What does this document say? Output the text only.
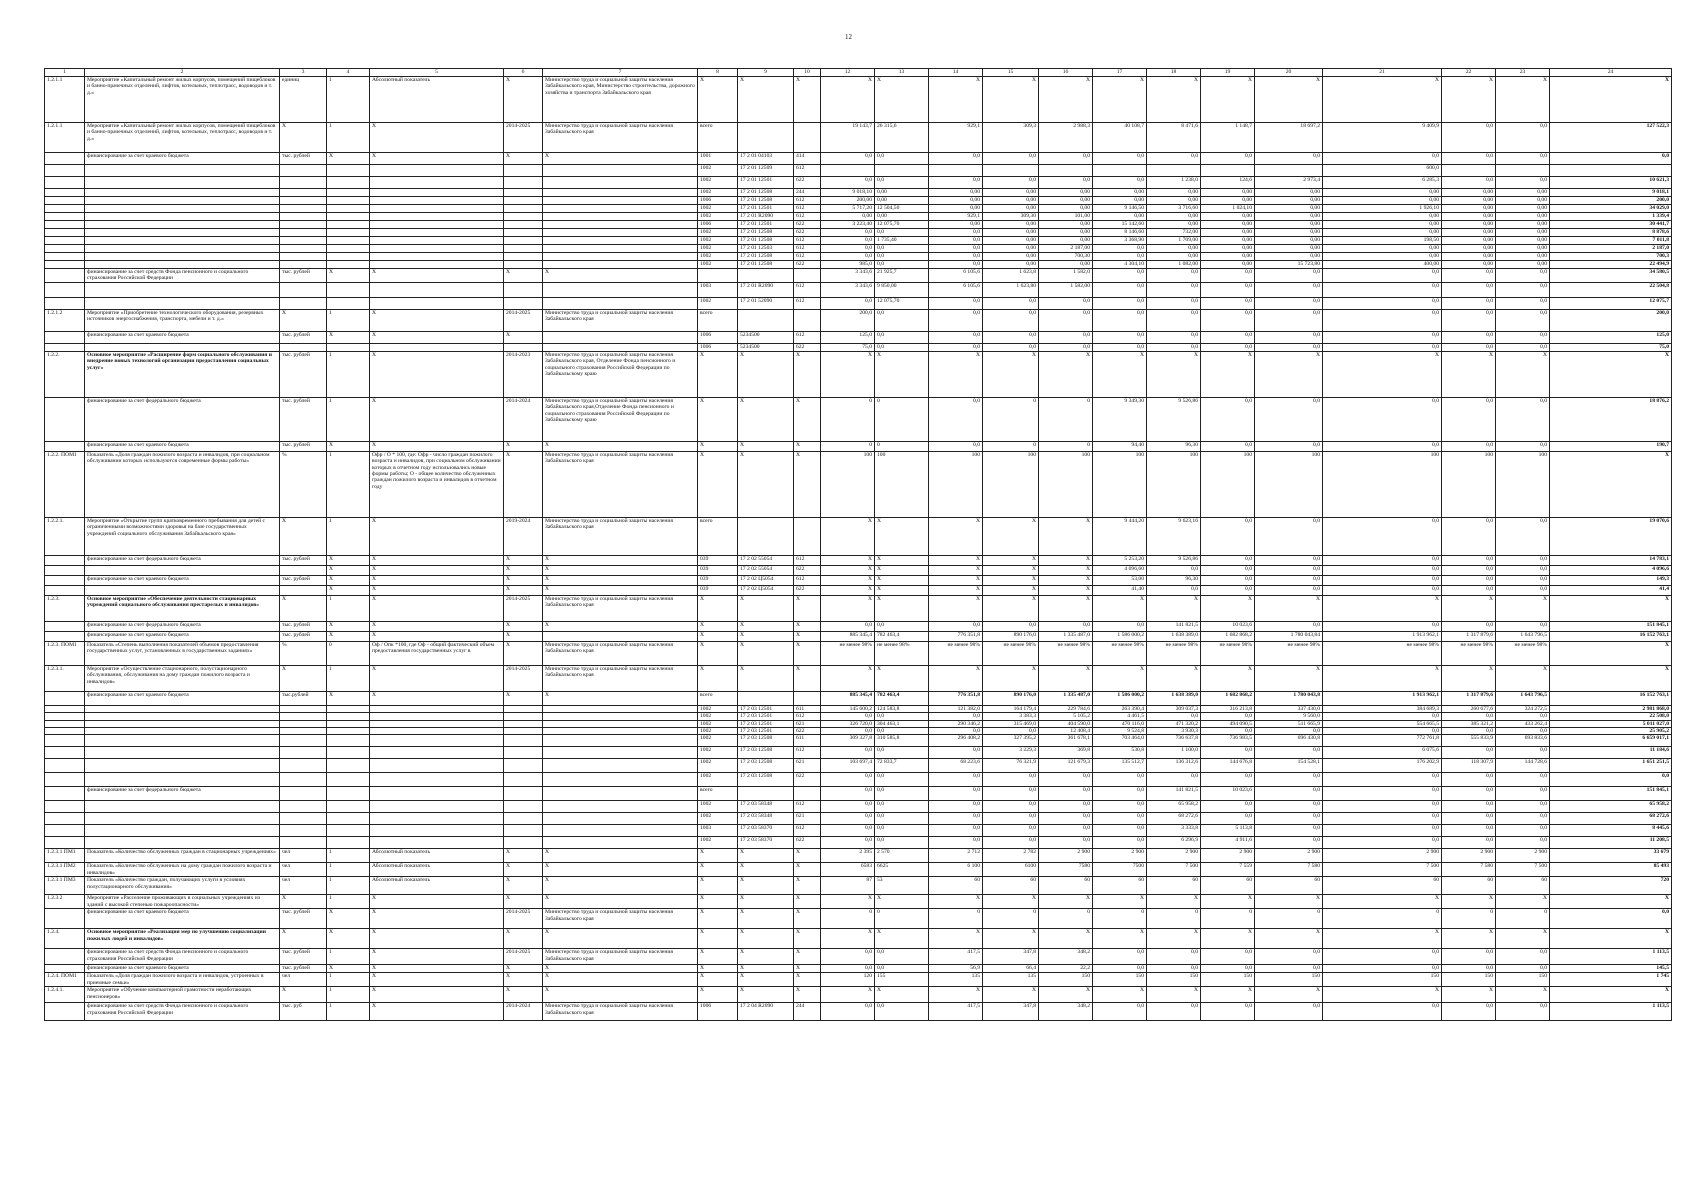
12
1	2	3	4	5	6	7	8	9	10	12	13	14	15	16	17	18	19	20	21	22	23	24
1.2.1.1	Мероприятие «Капитальный ремонт жилых корпусов, помещений пищеблоков и банно-прачечных отделений, лифтов, котельных, теплотрасс, водоводов и т. д.»	единиц	1	Абсолютный показатель	Х	Министерство труда и социальной защиты населения Забайкальского края, Министерство строительства, дорожного хозяйства и транспорта Забайкальского края	Х	Х	Х	Х	Х	Х	Х	Х	Х	Х	Х	Х	Х	Х	Х	Х
1.2.1.1	Мероприятие «Капитальный ремонт жилых корпусов, помещений пищеблоков и банно-прачечных отделений, лифтов, котельных, теплотрасс, водоводов и т. д.»	Х	1	Х	2014-2025	Министерство труда и социальной защиты населения Забайкальского края	всего			19 143,7	26 315,6	929,1	309,3	2 988,3	40 108,7	8 471,6	1 148,7	18 697,2	9 409,9	0,0	0,0	127 522,3
	финансирование за счет краевого бюджета	тыс. рублей	Х	Х	Х	Х	1001	17 2 01 04103	414	0,0	0,0	0,0	0,0	0,0	0,0	0,0	0,0	0,0	0,0	0,0	0,0	0,0
							1002	17 2 01 12509	612										600,0			
							1002	17 2 01 12501	622	0,0	0,0	0,0	0,0	0,0	0,0	1 238,0	124,6	2 973,4	6 285,3	0,0	0,0	10 621,3
							1002	17 2 01 12508	244	9 018,10	0,00	0,00	0,00	0,00	0,00	0,00	0,00	0,00	0,00	0,00	0,00	9 018,1
							1006	17 2 01 12508	612	200,00	0,00	0,00	0,00	0,00	0,00	0,00	0,00	0,00	0,00	0,00	0,00	200,0
							1002	17 2 01 12501	612	5 717,20	12 504,50	0,00	0,00	0,00	9 146,50	3 716,60	1 024,10	0,00	1 926,10	0,00	0,00	34 029,0
							1002	17 2 01 R2090	612	0,00	0,00	929,1	309,30	101,00	0,00	0,00	0,00	0,00	0,00	0,00	0,00	1 339,4
							1006	17 2 01 12501	622	3 223,40	12 075,70	0,00	0,00	0,00	15 142,60	0,00	0,00	0,00	0,00	0,00	0,00	30 441,7
							1002	17 2 01 12508	622	0,0	0,0	0,0	0,00	0,00	8 146,60	732,00	0,00	0,00	0,00	0,00	0,00	8 878,6
							1002	17 2 01 12508	612	0,0	1 735,40	0,0	0,00	0,00	3 368,90	1 709,00	0,00	0,00	198,50	0,00	0,00	7 011,8
							1002	17 2 01 12503	612	0,0	0,0	0,0	0,00	2 187,00	0,0	0,00	0,00	0,00	0,00	0,00	0,00	2 187,0
							1002	17 2 01 12508	612	0,0	0,0	0,0	0,00	700,30	0,0	0,00	0,00	0,00	0,00	0,00	0,00	700,3
							1002	17 2 01 12508	622	985,0	0,0	0,0	0,00	0,00	4 304,10	1 082,00	0,00	15 723,80	400,00	0,00	0,00	22 494,9
	финансирование за счет средств Фонда пенсионного и социального страхования Российской Федерации	тыс. рублей	Х	Х	Х	Х				3 343,6	21 925,7	6 105,6	1 623,8	1 582,0	0,0	0,0	0,0	0,0	0,0	0,0	0,0	34 580,5
							1003	17 2 01 R2090	612	3 343,6	9 850,00	6 105,6	1 623,80	1 582,00	0,0	0,0	0,0	0,0	0,0	0,0	0,0	22 504,8
							1002	17 2 01 52090	612	0,0	12 075,70	0,0	0,0	0,0	0,0	0,0	0,0	0,0	0,0	0,0	0,0	12 075,7
1.2.1.2	Мероприятие «Приобретение технологического оборудования, резервных источников энергоснабжения, транспорта, мебели и т. д.»	Х	1	Х	2014-2025	Министерство труда и социальной защиты населения Забайкальского края	всего			200,0	0,0	0,0	0,0	0,0	0,0	0,0	0,0	0,0	0,0	0,0	0,0	200,0
	финансирование за счет краевого бюджета	тыс. рублей	Х	Х	Х		1006	5234500	612	125,0	0,0	0,0	0,0	0,0	0,0	0,0	0,0	0,0	0,0	0,0	0,0	125,0
							1006	5234500	622	75,0	0,0	0,0	0,0	0,0	0,0	0,0	0,0	0,0	0,0	0,0	0,0	75,0
1.2.2.	Основное мероприятие «Расширение форм социального обслуживания и внедрение новых технологий организации предоставления социальных услуг»	тыс. рублей	1	Х	2014-2023	Министерство труда и социальной защиты населения Забайкальского края, Отделение Фонда пенсионного и социального страхования Российской Федерации по Забайкальскому краю	Х	Х	Х	Х	Х	Х	Х	Х	Х	Х	Х	Х	Х	Х	Х	Х
	финансирование за счет федерального бюджета	тыс. рублей	1	Х	2014-2024	Министерство труда и социальной защиты населения Забайкальского края,Отделение Фонда пенсионного и социального страхования Российской Федерации по Забайкальскому краю	Х	Х	Х	0	0	0,0	0	0	9 349,30	9 526,86	0,0	0,0	0,0	0,0	0,0	18 876,2
	финансирование за счет краевого бюджета	тыс. рублей	Х	Х	Х	Х	Х	Х	Х	0	0	0,0	0	0	94,40	96,30	0,0	0,0	0,0	0,0	0,0	190,7
1.2.2. ПОМ1	Показатель «Доля граждан пожилого возраста и инвалидов, при социальном обслуживании которых используются современные формы работы»	%	1	Офр / О * 100, где: Офр - число граждан пожилого возраста и инвалидов, при социальном обслуживании которых в отчетном году использовались новые формы работы; О - общее количество обслуженных граждан пожилого возраста и инвалидов в отчетном году	Х	Министерство труда и социальной защиты населения Забайкальского края	Х	Х	Х	100	100	100	100	100	100	100	100	100	100	100	100	Х
1.2.2.1.	Мероприятие «Открытие групп кратковременного пребывания для детей с ограниченными возможностями здоровья на базе государственных учреждений социального обслуживания Забайкальского края»	Х	1	Х	2019-2024	Министерство труда и социальной защиты населения Забайкальского края	всего			Х	Х	Х	Х	Х	9 444,20	9 623,16	0,0	0,0	0,0	0,0	0,0	19 070,6
	финансирование за счет федерального бюджета	тыс. рублей	Х	Х	Х	Х	039	17 2 02 55054	612	Х	Х	Х	Х	Х	5 253,20	9 526,86	0,0	0,0	0,0	0,0	0,0	14 783,1
			Х	Х	Х	Х	039	17 2 02 55054	622	Х	Х	Х	Х	Х	4 096,60	0,0	0,0	0,0	0,0	0,0	0,0	4 096,6
	финансирование за счет краевого бюджета	тыс. рублей	Х	Х	Х	Х	039	17 2 02 Ц5054	612	Х	Х	Х	Х	Х	53,00	96,30	0,0	0,0	0,0	0,0	0,0	149,3
			Х	Х	Х	Х	039	17 2 02 Ц5054	622	Х	Х	Х	Х	Х	41,40	0,0	0,0	0,0	0,0	0,0	0,0	41,4
1.2.3.	Основное мероприятие «Обеспечение деятельности стационарных учреждений социального обслуживания престарелых и инвалидов»	Х	1	Х	2014-2025	Министерство труда и социальной защиты населения Забайкальского края	Х	Х	Х	Х	Х	Х	Х	Х	Х	Х	Х	Х	Х	Х	Х	Х
	финансирование за счет федерального бюджета	тыс. рублей	Х	Х	Х	Х	Х	Х	Х	0,0	0,0	0,0	0,0	0,0	0,0	141 821,5	10 023,6	0,0	0,0	0,0	0,0	151 845,1
	финансирование за счет краевого бюджета	тыс. рублей	Х	Х	Х		Х	Х	Х	885 345,4	782 463,4	776 351,8	890 176,0	1 335 487,0	1 586 000,2	1 638 389,0	1 682 868,2	1 780 043,84	1 913 962,1	1 317 879,6	1 643 796,5	16 152 763,1
1.2.3. ПОМ1	Показатель «Степень выполнения показателей объемов предоставления государственных услуг, установленных в государственных заданиях»	%	0	Оф / Опк *100, где Оф - общий фактический объем предоставления государственных услуг в	Х	Министерство труда и социальной защиты населения Забайкальского края	Х	Х	Х	не менее 98%	не менее 98%	не менее 98%	не менее 98%	не менее 98%	не менее 98%	не менее 98%	не менее 98%	не менее 98%	не менее 98%	не менее 98%	не менее 98%	Х
1.2.3.1.	Мероприятие «Осуществление стационарного, полустационарного обслуживания, обслуживания на дому граждан пожилого возраста и инвалидов»	Х	1	Х	2014-2025	Министерство труда и социальной защиты населения Забайкальского края	Х	Х	Х	Х	Х	Х	Х	Х	Х	Х	Х	Х	Х	Х	Х	Х
	финансирование за счет краевого бюджета	тыс.рублей	Х	Х	Х	Х	всего			885 345,4	782 463,4	776 351,8	890 176,0	1 335 487,0	1 586 000,2	1 638 389,0	1 682 868,2	1 780 043,8	1 913 962,1	1 317 879,6	1 643 796,5	16 152 763,1
							1002	17 2 03 12501	611	145 600,2	124 583,8	121 382,0	164 179,4	229 784,6	263 390,4	309 037,3	316 213,8	337 430,0	384 689,3	260 677,6	324 272,5	2 981 868,0
							1002	17 2 03 12501	612	0,0	0,0	0,0	3 383,3	5 105,2	4 461,5	0,0	0,0	9 560,0	0,0	0,0	0,0	22 508,0
							1002	17 2 03 12501	621	326 720,0	304 463,1	290 346,2	315 469,0	404 590,0	470 116,0	471 320,2	494 090,5	511 665,9	554 665,5	385 321,2	433 262,4	5 011 027,0
							1002	17 2 03 12501	622	0,0	0,0	0,0	0,0	12 408,4	9 524,8	3 930,3	0,0	0,0	0,0	0,0	0,0	25 905,2
							1002	17 2 03 12508	611	309 327,8	310 585,8	296 408,2	327 395,2	361 678,1	703 464,0	736 637,8	736 983,5	696 430,8	772 761,8	555 833,9	693 833,6	6 659 017,1
							1002	17 2 03 12508	612	0,0	0,0	0,0	3 229,3	369,8	530,8	1 100,0	0,0	0,0	6 075,6	0,0	0,0	11 184,6
							1002	17 2 03 12508	621	103 697,4	72 833,7	68 223,6	76 321,9	121 679,3	135 512,7	136 312,6	144 676,8	154 528,1	176 202,9	118 307,9	144 728,6	1 651 251,5
							1002	17 2 03 12508	622	0,0	0,0	0,0	0,0	0,0	0,0	0,0	0,0	0,0	0,0	0,0	0,0	0,0
	финансирование за счет федерального бюджета						всего			0,0	0,0	0,0	0,0	0,0	0,0	141 821,5	10 023,6	0,0	0,0	0,0	0,0	151 845,1
							1002	17 2 03 58348	612	0,0	0,0	0,0	0,0	0,0	0,0	65 958,2	0,0	0,0	0,0	0,0	0,0	65 958,2
							1002	17 2 03 58348	621	0,0	0,0	0,0	0,0	0,0	0,0	68 272,6	0,0	0,0	0,0	0,0	0,0	68 272,6
							1003	17 2 03 58370	612	0,0	0,0	0,0	0,0	0,0	0,0	3 333,8	5 113,8	0,0	0,0	0,0	0,0	8 445,6
							1002	17 2 03 58370	622	0,0	0,0	0,0	0,0	0,0	0,0	6 296,9	4 911,6	0,0	0,0	0,0	0,0	11 208,5
1.2.3.1 ПМ1	Показатель «Количество обслуженных граждан в стационарных учреждениях»	чел	1	Абсолютный показатель	Х	Х	Х	Х	Х	2 395	2 570	2 712	2 782	2 900	2 900	2 900	2 900	2 900	2 900	2 900	2 900	33 679
1.2.3.1 ПМ2	Показатель «Количество обслуженных на дому граждан пожилого возраста и инвалидов»	чел	1	Абсолютный показатель	Х	Х	Х	Х	Х	6583	6625	6 100	6100	7580	7500	7 500	7 559	7 580	7 500	7 580	7 500	85 493
1.2.3.1 ПМ3	Показатель «Количество граждан, получающих услуги в условиях полустационарного обслуживания»	чел	1	Абсолютный показатель	Х	Х	Х	Х	Х	87	53	60	60	60	60	60	60	60	60	60	60	720
1.2.3.2	Мероприятие «Расселение проживающих в социальных учреждениях из зданий с высокой степенью пожароопасности»	Х	1	Х	Х	Х	Х	Х	Х	Х	Х	Х	Х	Х	Х	Х	Х	Х	Х	Х	Х	Х
	финансирование за счет краевого бюджета	тыс. рублей	Х	Х	2014-2025	Министерство труда и социальной защиты населения Забайкальского края	Х	Х	Х	0	0	0	0	0	0	0	0	0	0	0	0	0,0
1.2.4.	Основное мероприятие «Реализация мер по улучшению социализации пожилых людей и инвалидов»	Х	Х	Х	Х	Х	Х	Х	Х	Х	Х	Х	Х	Х	Х	Х	Х	Х	Х	Х	Х	Х
	финансирование за счет средств Фонда пенсионного и социального страхования Российской Федерации	тыс. рублей	1	Х	2014-2025	Министерство труда и социальной защиты населения Забайкальского края	Х	Х	Х	0,0	0,0	417,5	347,8	348,2	0,0	0,0	0,0	0,0	0,0	0,0	0,0	1 113,5
	финансирование за счет краевого бюджета	тыс. рублей	Х	Х	Х	Х	Х	Х	Х	0,0	0,0	56,9	66,4	22,2	0,0	0,0	0,0	0,0	0,0	0,0	0,0	145,5
1.2.4. ПОМ1	Показатель «Доля граждан пожилого возраста и инвалидов, устроенных в приемные семьи»	чел	1	Х	Х	Х	Х	Х	Х	120	155	135	135	150	150	150	150	150	150	150	150	1 745
1.2.4.1.	Мероприятие «Обучение компьютерной грамотности неработающих пенсионеров»	Х	1	Х	Х	Х	Х	Х	Х	Х	Х	Х	Х	Х	Х	Х	Х	Х	Х	Х	Х	Х
	финансирование за счет средств Фонда пенсионного и социального страхования Российской Федерации	тыс. руб	1	Х	2014-2024	Министерство труда и социальной защиты населения Забайкальского края	1006	17 2 04 R2090	244	0,0	0,0	417,5	347,8	348,2	0,0	0,0	0,0	0,0	0,0	0,0	0,0	1 113,5
